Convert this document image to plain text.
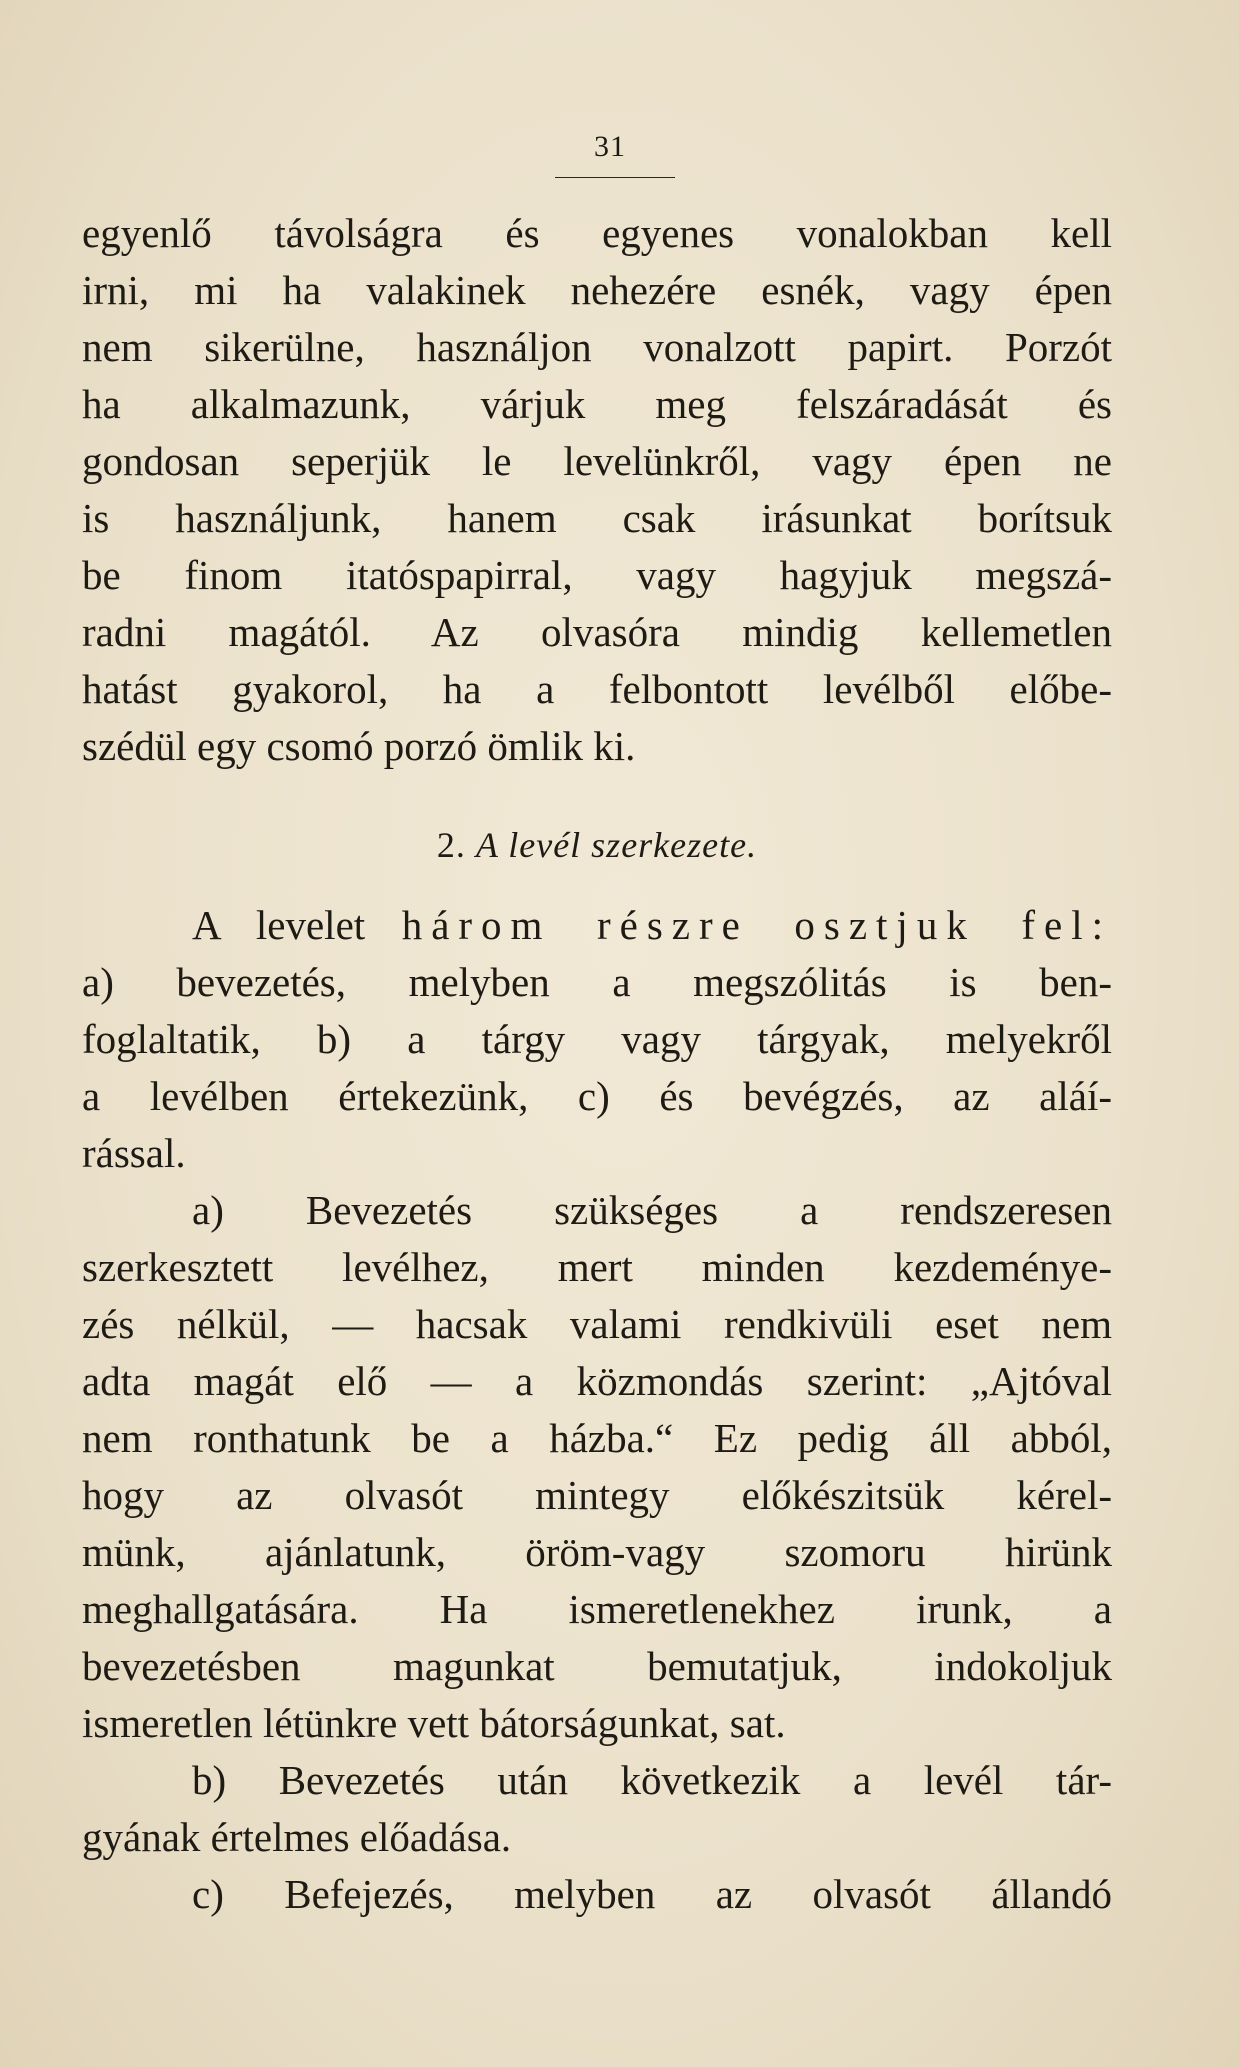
31
egyenlő távolságra és egyenes vonalokban kell
irni, mi ha valakinek nehezére esnék, vagy épen
nem sikerülne, használjon vonalzott papirt. Porzót
ha alkalmazunk, várjuk meg felszáradását és
gondosan seperjük le levelünkről, vagy épen ne
is használjunk, hanem csak irásunkat borítsuk
be finom itatóspapirral, vagy hagyjuk megszá-
radni magától. Az olvasóra mindig kellemetlen
hatást gyakorol, ha a felbontott levélből előbe-
szédül egy csomó porzó ömlik ki.
2. A levél szerkezete.
A levelet három részre osztjuk fel:
a) bevezetés, melyben a megszólitás is ben-
foglaltatik, b) a tárgy vagy tárgyak, melyekről
a levélben értekezünk, c) és bevégzés, az aláí-
rással.
a) Bevezetés szükséges a rendszeresen
szerkesztett levélhez, mert minden kezdeménye-
zés nélkül, — hacsak valami rendkivüli eset nem
adta magát elő — a közmondás szerint: „Ajtóval
nem ronthatunk be a házba.“ Ez pedig áll abból,
hogy az olvasót mintegy előkészitsük kérel-
münk, ajánlatunk, öröm-vagy szomoru hirünk
meghallgatására. Ha ismeretlenekhez irunk, a
bevezetésben magunkat bemutatjuk, indokoljuk
ismeretlen létünkre vett bátorságunkat, sat.
b) Bevezetés után következik a levél tár-
gyának értelmes előadása.
c) Befejezés, melyben az olvasót állandó
